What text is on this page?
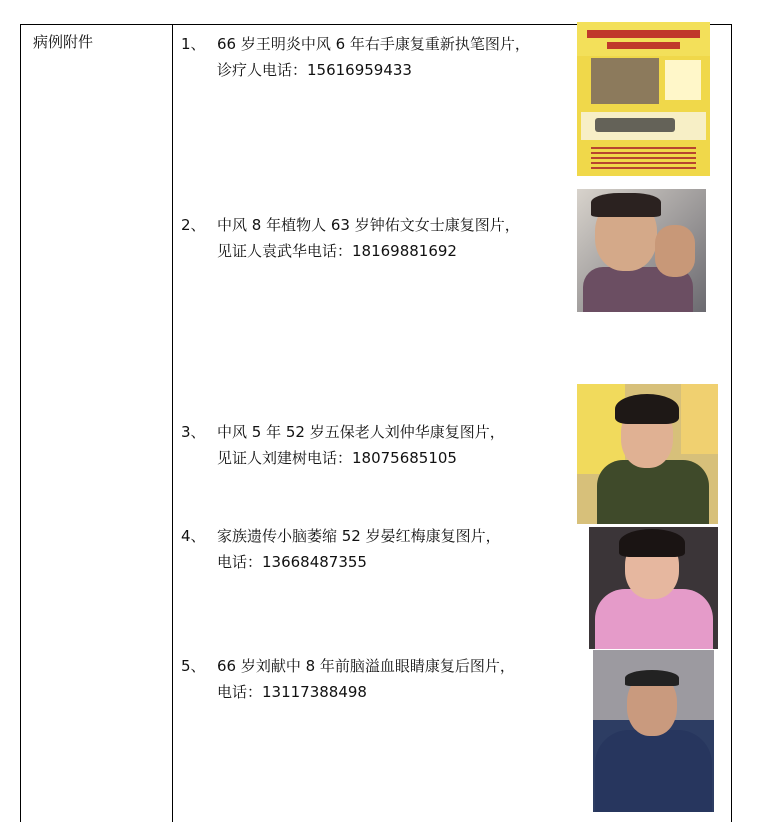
病例附件	1、 66 岁王明炎中风 6 年右手康复重新执笔图片，
诊疗人电话：15616959433
2、 中风 8 年植物人 63 岁钟佑文女士康复图片，
见证人袁武华电话：18169881692
3、 中风 5 年 52 岁五保老人刘仲华康复图片，
见证人刘建树电话：18075685105
4、 家族遗传小脑萎缩 52 岁晏红梅康复图片，
电话：13668487355
5、 66 岁刘献中 8 年前脑溢血眼睛康复后图片，
电话：13117388498
